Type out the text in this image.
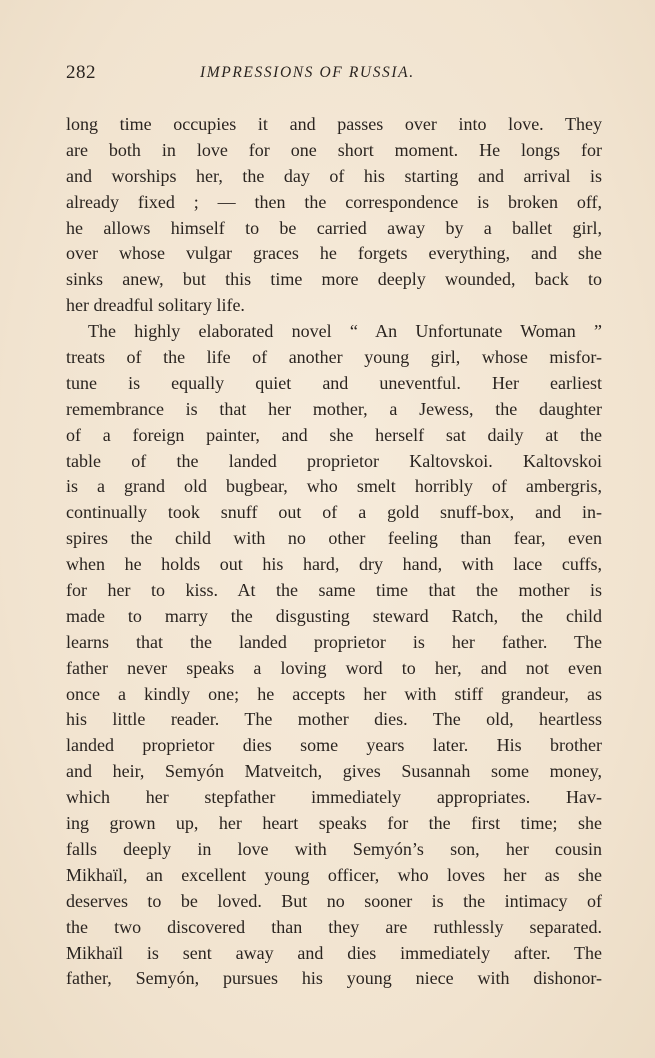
282	IMPRESSIONS OF RUSSIA.
long time occupies it and passes over into love. They
are both in love for one short moment. He longs for
and worships her, the day of his starting and arrival is
already fixed ; — then the correspondence is broken off,
he allows himself to be carried away by a ballet girl,
over whose vulgar graces he forgets everything, and she
sinks anew, but this time more deeply wounded, back to
her dreadful solitary life.
The highly elaborated novel “ An Unfortunate Woman ”
treats of the life of another young girl, whose misfor-
tune is equally quiet and uneventful. Her earliest
remembrance is that her mother, a Jewess, the daughter
of a foreign painter, and she herself sat daily at the
table of the landed proprietor Kaltovskoi. Kaltovskoi
is a grand old bugbear, who smelt horribly of ambergris,
continually took snuff out of a gold snuff-box, and in-
spires the child with no other feeling than fear, even
when he holds out his hard, dry hand, with lace cuffs,
for her to kiss. At the same time that the mother is
made to marry the disgusting steward Ratch, the child
learns that the landed proprietor is her father. The
father never speaks a loving word to her, and not even
once a kindly one; he accepts her with stiff grandeur, as
his little reader. The mother dies. The old, heartless
landed proprietor dies some years later. His brother
and heir, Semyón Matveitch, gives Susannah some money,
which her stepfather immediately appropriates. Hav-
ing grown up, her heart speaks for the first time; she
falls deeply in love with Semyón’s son, her cousin
Mikhaïl, an excellent young officer, who loves her as she
deserves to be loved. But no sooner is the intimacy of
the two discovered than they are ruthlessly separated.
Mikhaïl is sent away and dies immediately after. The
father, Semyón, pursues his young niece with dishonor-
